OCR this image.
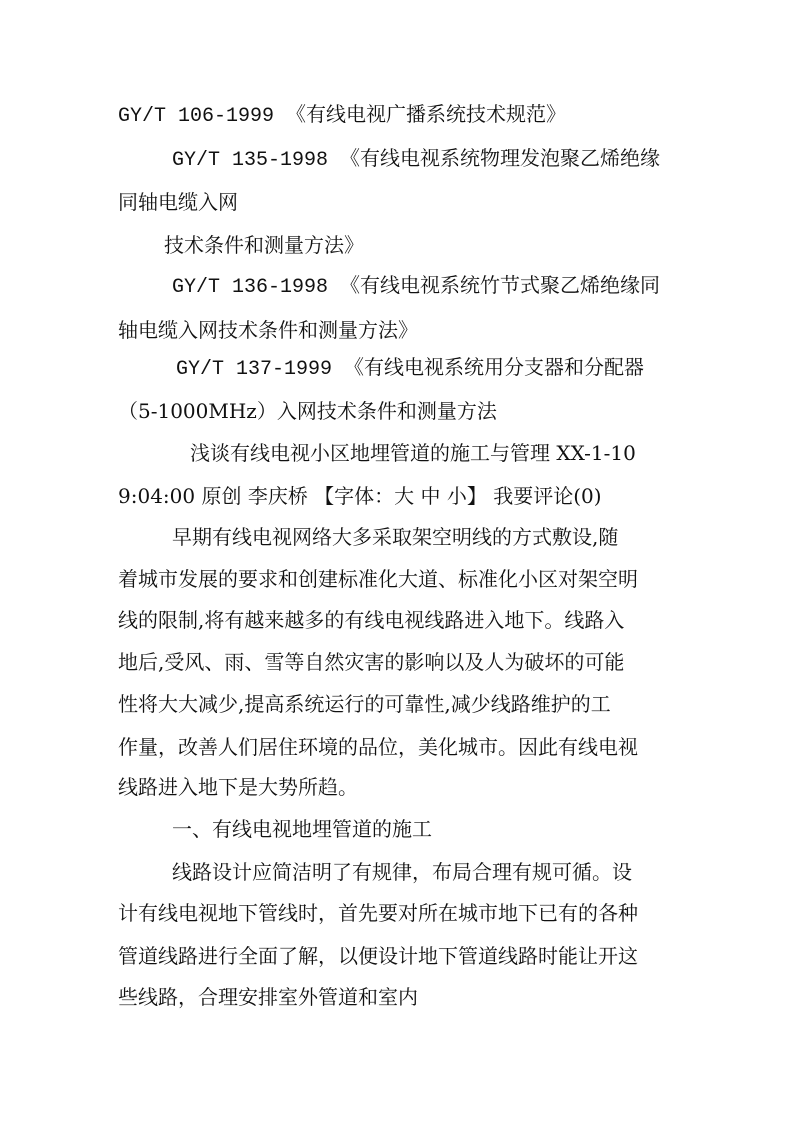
GY/T 106-1999 《有线电视广播系统技术规范》
GY/T 135-1998 《有线电视系统物理发泡聚乙烯绝缘
同轴电缆入网
技术条件和测量方法》
GY/T 136-1998 《有线电视系统竹节式聚乙烯绝缘同
轴电缆入网技术条件和测量方法》
GY/T 137-1999 《有线电视系统用分支器和分配器
（5-1000MHz）入网技术条件和测量方法
浅谈有线电视小区地埋管道的施工与管理 XX-1-10
9:04:00 原创 李庆桥 【字体：大 中 小】 我要评论(0)
早期有线电视网络大多采取架空明线的方式敷设,随
着城市发展的要求和创建标准化大道、标准化小区对架空明
线的限制,将有越来越多的有线电视线路进入地下。线路入
地后,受风、雨、雪等自然灾害的影响以及人为破坏的可能
性将大大减少,提高系统运行的可靠性,减少线路维护的工
作量，改善人们居住环境的品位，美化城市。因此有线电视
线路进入地下是大势所趋。
一、有线电视地埋管道的施工
线路设计应简洁明了有规律，布局合理有规可循。设
计有线电视地下管线时，首先要对所在城市地下已有的各种
管道线路进行全面了解，以便设计地下管道线路时能让开这
些线路，合理安排室外管道和室内
